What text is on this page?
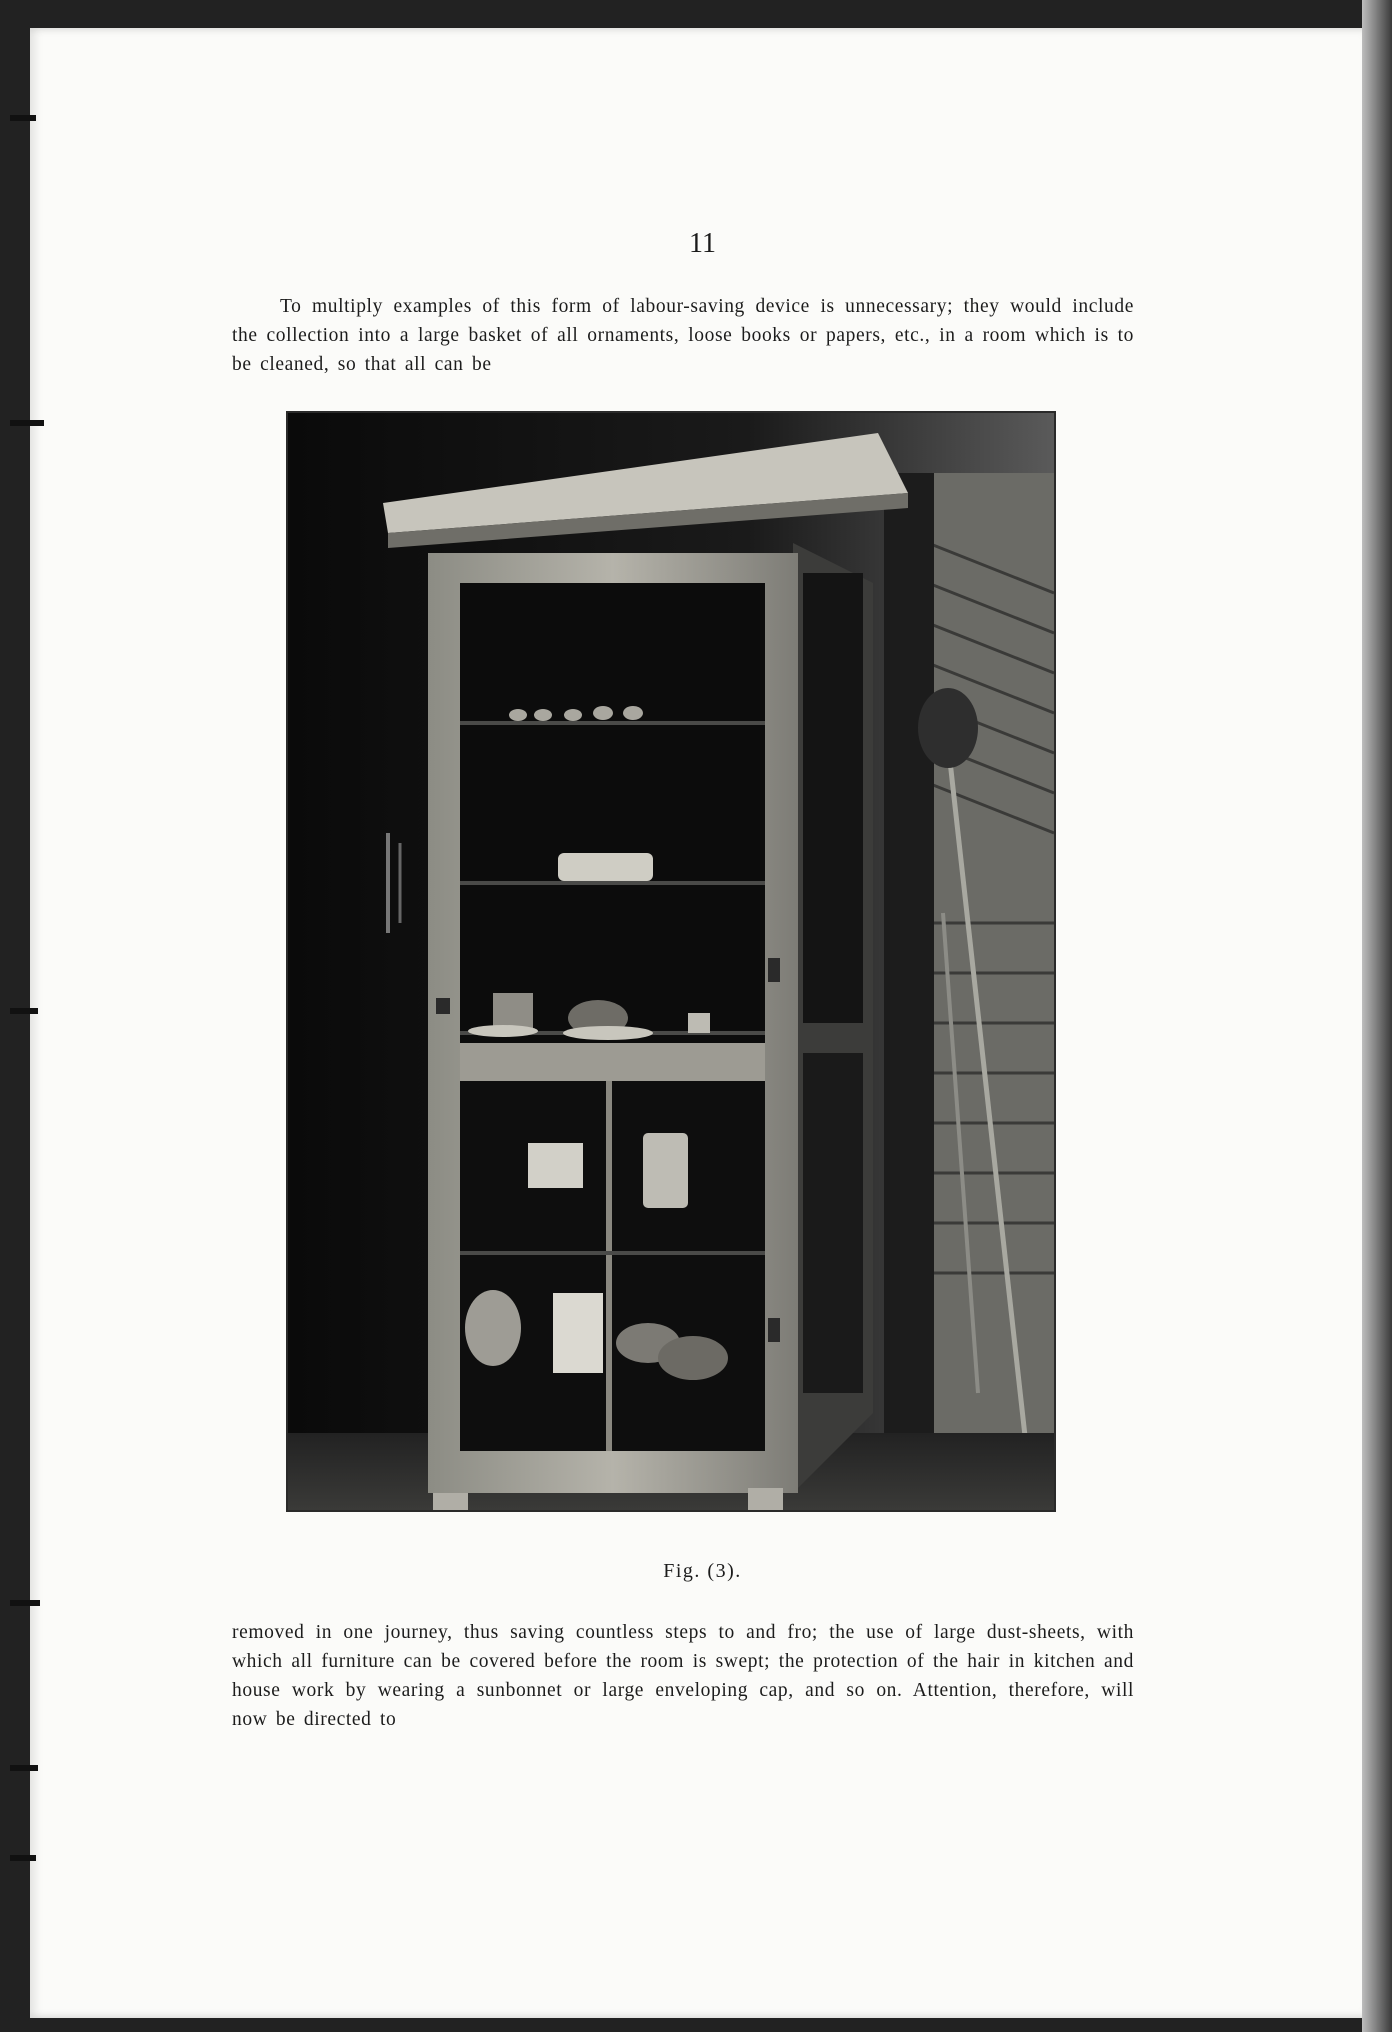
11
To multiply examples of this form of labour-saving device is unnecessary; they would include the collection into a large basket of all ornaments, loose books or papers, etc., in a room which is to be cleaned, so that all can be
Fig. (3).
removed in one journey, thus saving countless steps to and fro; the use of large dust-sheets, with which all furniture can be covered before the room is swept; the protection of the hair in kitchen and house work by wearing a sunbonnet or large enveloping cap, and so on. Attention, therefore, will now be directed to
